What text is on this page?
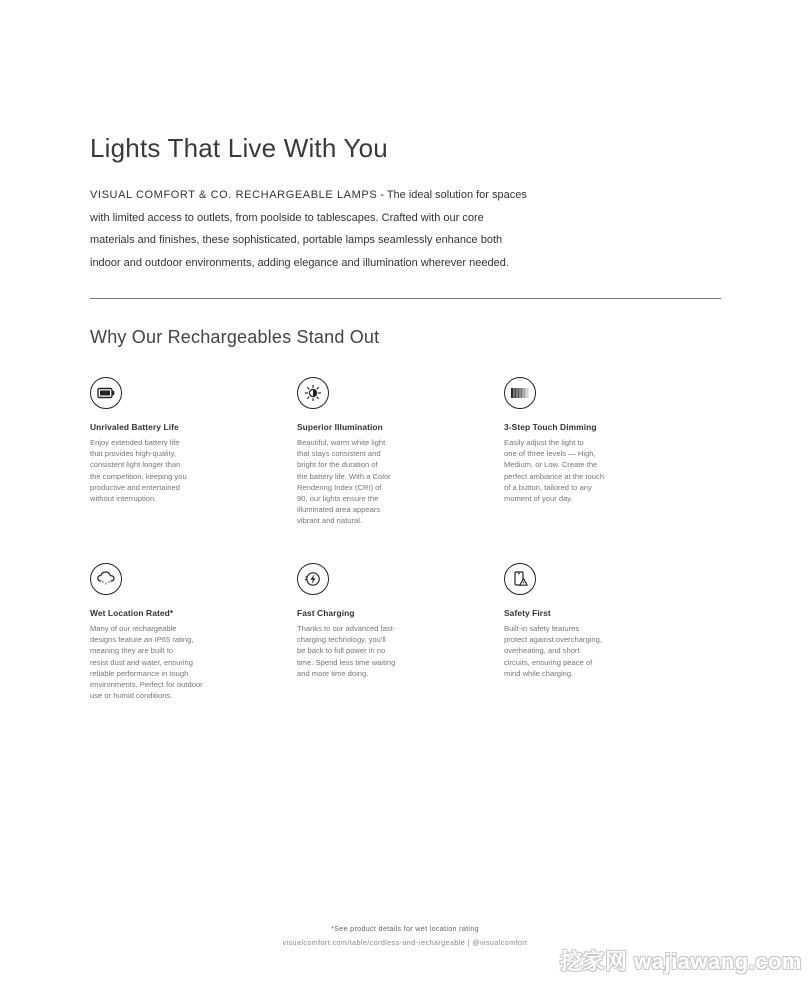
Lights That Live With You

VISUAL COMFORT & CO. RECHARGEABLE LAMPS - The ideal solution for spaces
with limited access to outlets, from poolside to tablescapes. Crafted with our core
materials and finishes, these sophisticated, portable lamps seamlessly enhance both
indoor and outdoor environments, adding elegance and illumination wherever needed.

Why Our Rechargeables Stand Out
Unrivaled Battery Life
Enjoy extended battery life
that provides high-quality,
consistent light longer than
the competition, keeping you
productive and entertained
without interruption.
Superior Illumination
Beautiful, warm white light
that stays consistent and
bright for the duration of
the battery life. With a Color
Rendering Index (CRI) of
90, our lights ensure the
illuminated area appears
vibrant and natural.
3-Step Touch Dimming
Easily adjust the light to
one of three levels — High,
Medium, or Low. Create the
perfect ambiance at the touch
of a button, tailored to any
moment of your day.
Wet Location Rated*
Many of our rechargeable
designs feature an IP65 rating,
meaning they are built to
resist dust and water, ensuring
reliable performance in tough
environments. Perfect for outdoor
use or humid conditions.
Fast Charging
Thanks to our advanced fast-
charging technology, you'll
be back to full power in no
time. Spend less time waiting
and more time doing.
Safety First
Built-in safety features
protect against overcharging,
overheating, and short
circuits, ensuring peace of
mind while charging.
*See product details for wet location rating
visualcomfort.com/table/cordless-and-rechargeable | @visualcomfort
挖家网 wajiawang.com
